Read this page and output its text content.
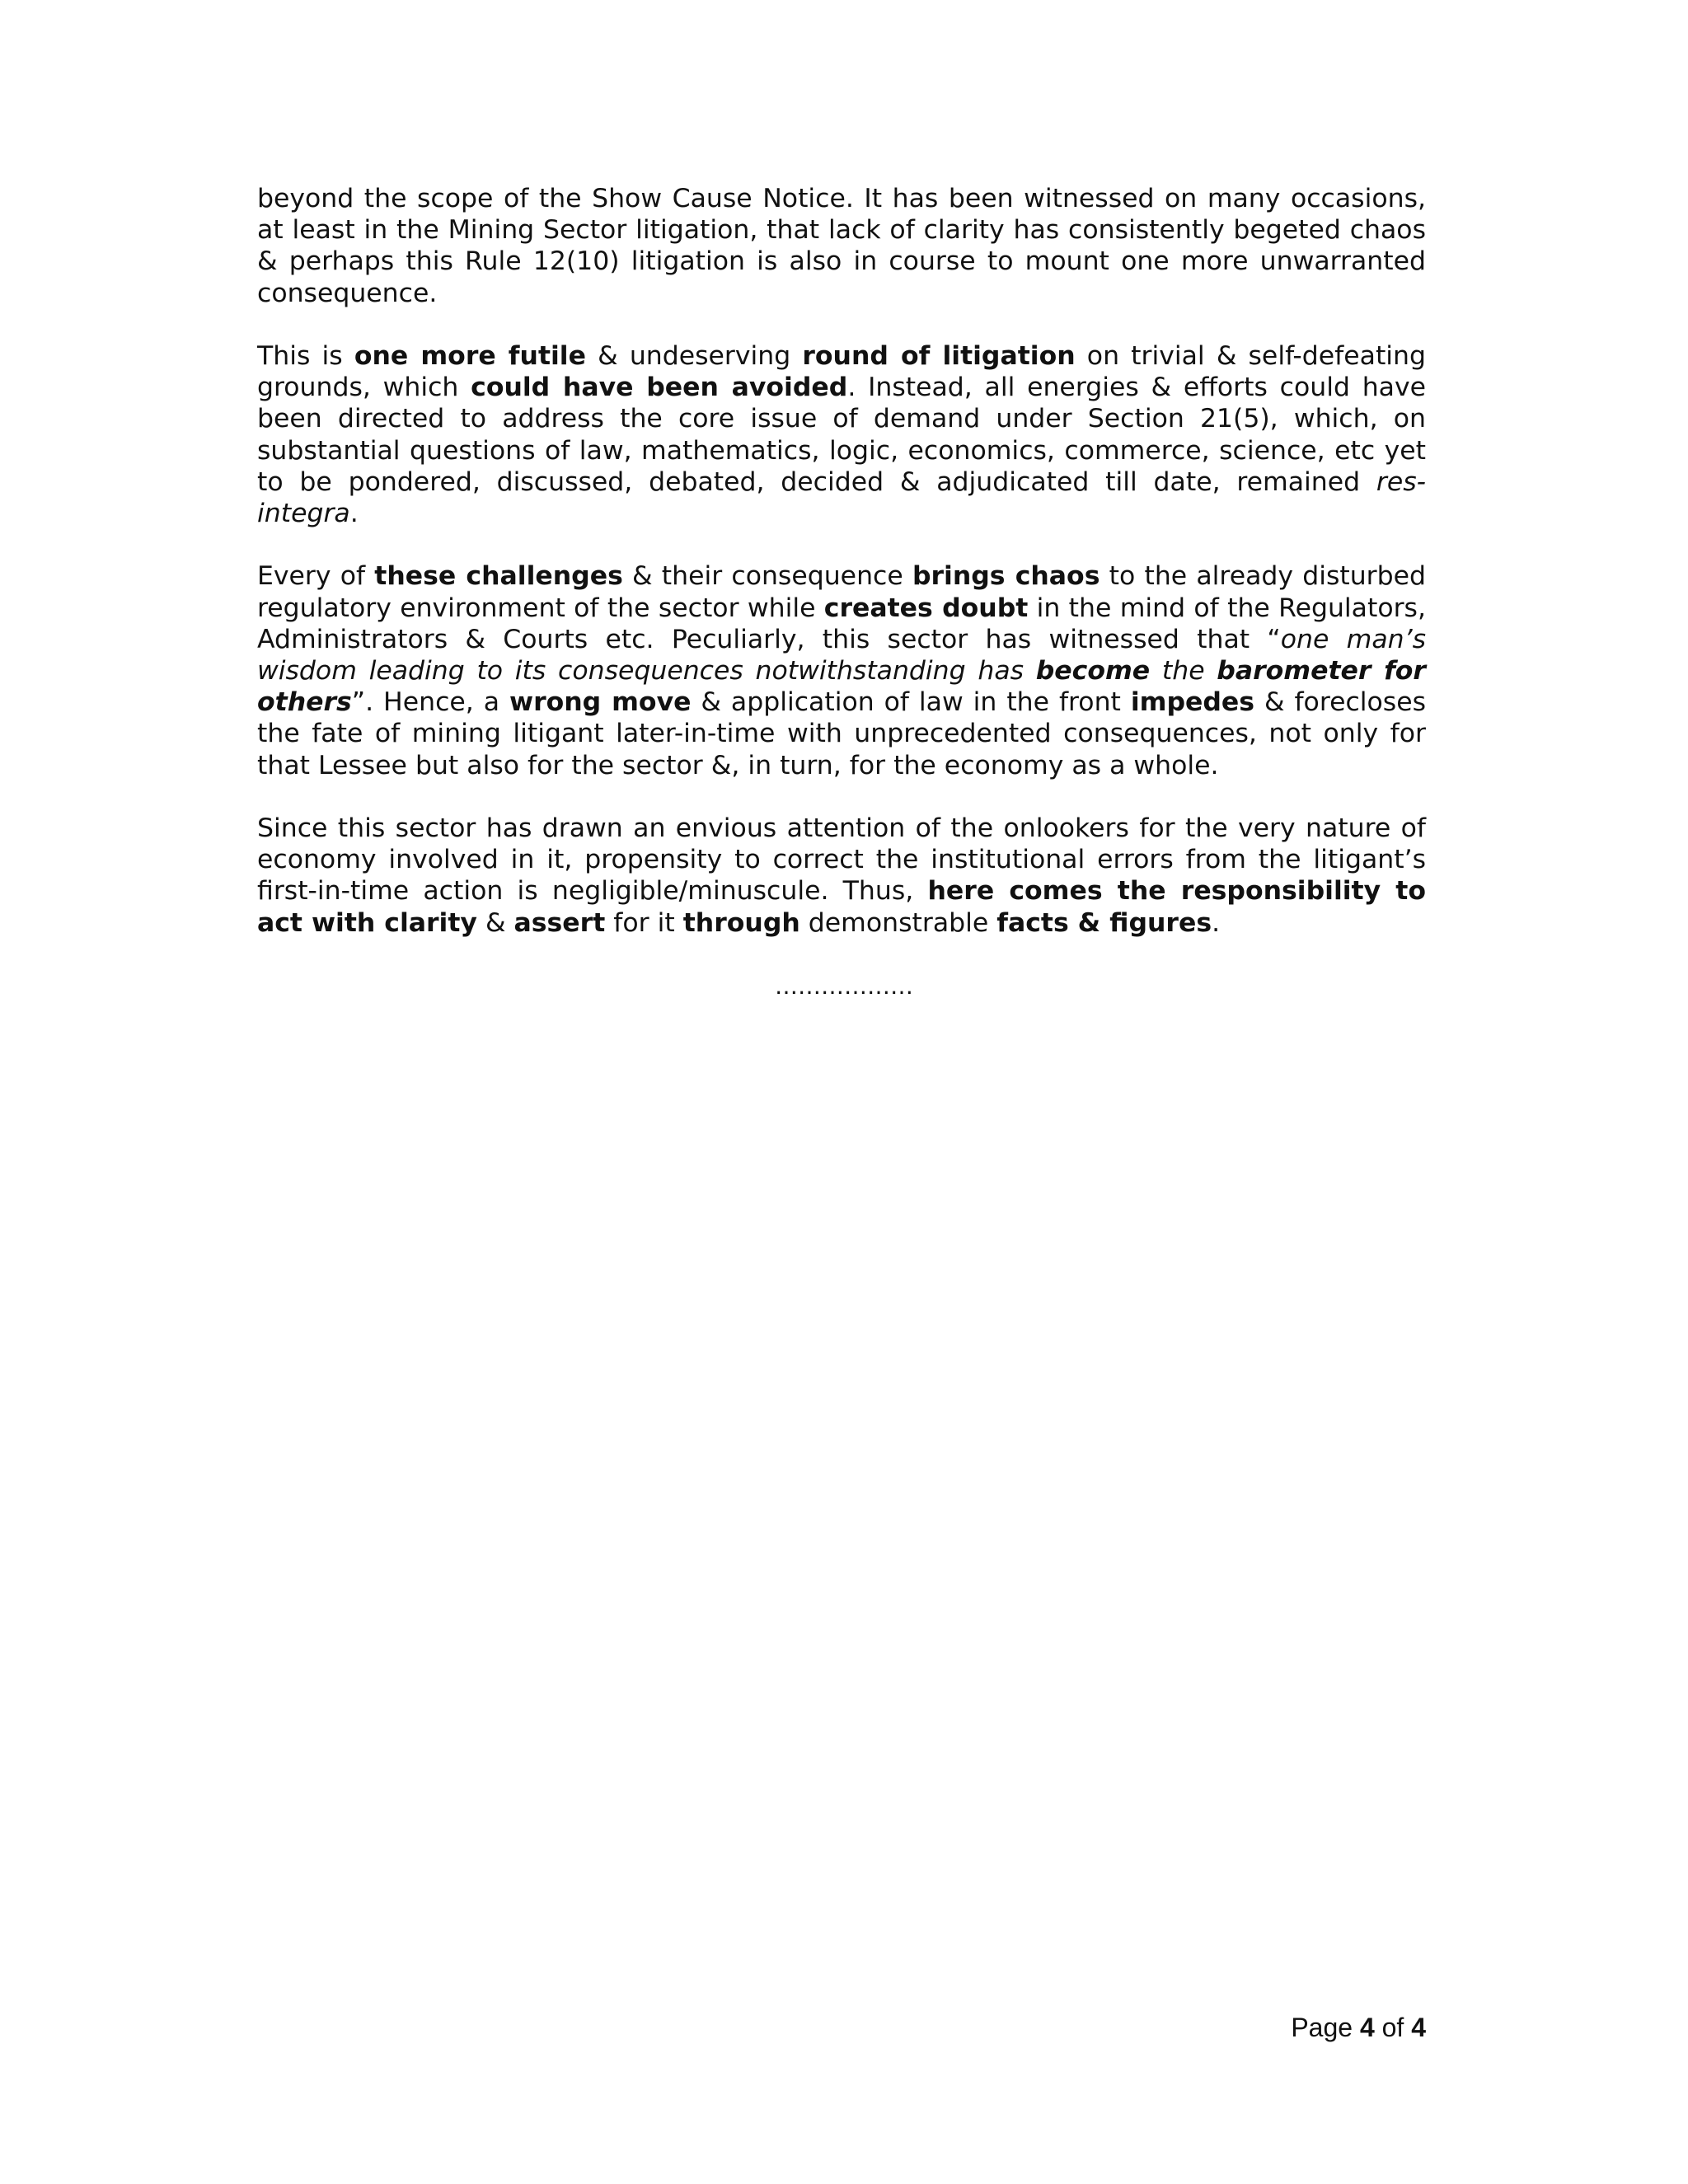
beyond the scope of the Show Cause Notice. It has been witnessed on many occasions, at least in the Mining Sector litigation, that lack of clarity has consistently begeted chaos & perhaps this Rule 12(10) litigation is also in course to mount one more unwarranted consequence.

This is one more futile & undeserving round of litigation on trivial & self-defeating grounds, which could have been avoided. Instead, all energies & efforts could have been directed to address the core issue of demand under Section 21(5), which, on substantial questions of law, mathematics, logic, economics, commerce, science, etc yet to be pondered, discussed, debated, decided & adjudicated till date, remained res-integra.

Every of these challenges & their consequence brings chaos to the already disturbed regulatory environment of the sector while creates doubt in the mind of the Regulators, Administrators & Courts etc. Peculiarly, this sector has witnessed that “one man’s wisdom leading to its consequences notwithstanding has become the barometer for others”. Hence, a wrong move & application of law in the front impedes & forecloses the fate of mining litigant later-in-time with unprecedented consequences, not only for that Lessee but also for the sector &, in turn, for the economy as a whole.

Since this sector has drawn an envious attention of the onlookers for the very nature of economy involved in it, propensity to correct the institutional errors from the litigant’s first-in-time action is negligible/minuscule. Thus, here comes the responsibility to act with clarity & assert for it through demonstrable facts & figures.

………………
Page 4 of 4
